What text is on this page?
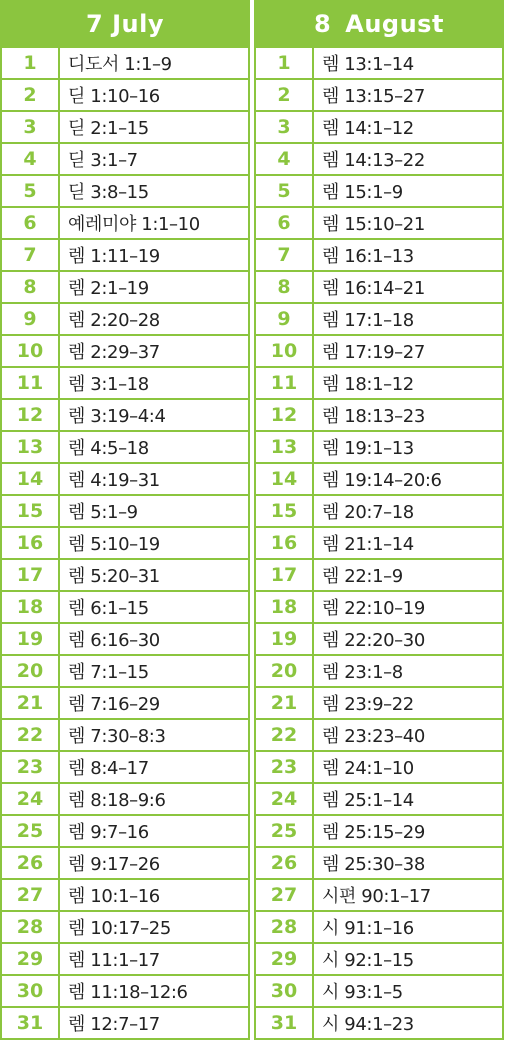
7
July
1	디도서 1:1–9
2	딛 1:10–16
3	딛 2:1–15
4	딛 3:1–7
5	딛 3:8–15
6	예레미야 1:1–10
7	렘 1:11–19
8	렘 2:1–19
9	렘 2:20–28
10	렘 2:29–37
11	렘 3:1–18
12	렘 3:19–4:4
13	렘 4:5–18
14	렘 4:19–31
15	렘 5:1–9
16	렘 5:10–19
17	렘 5:20–31
18	렘 6:1–15
19	렘 6:16–30
20	렘 7:1–15
21	렘 7:16–29
22	렘 7:30–8:3
23	렘 8:4–17
24	렘 8:18–9:6
25	렘 9:7–16
26	렘 9:17–26
27	렘 10:1–16
28	렘 10:17–25
29	렘 11:1–17
30	렘 11:18–12:6
31	렘 12:7–17
8 August
1	렘 13:1–14
2	렘 13:15–27
3	렘 14:1–12
4	렘 14:13–22
5	렘 15:1–9
6	렘 15:10–21
7	렘 16:1–13
8	렘 16:14–21
9	렘 17:1–18
10	렘 17:19–27
11	렘 18:1–12
12	렘 18:13–23
13	렘 19:1–13
14	렘 19:14–20:6
15	렘 20:7–18
16	렘 21:1–14
17	렘 22:1–9
18	렘 22:10–19
19	렘 22:20–30
20	렘 23:1–8
21	렘 23:9–22
22	렘 23:23–40
23	렘 24:1–10
24	렘 25:1–14
25	렘 25:15–29
26	렘 25:30–38
27	시편 90:1–17
28	시 91:1–16
29	시 92:1–15
30	시 93:1–5
31	시 94:1–23
